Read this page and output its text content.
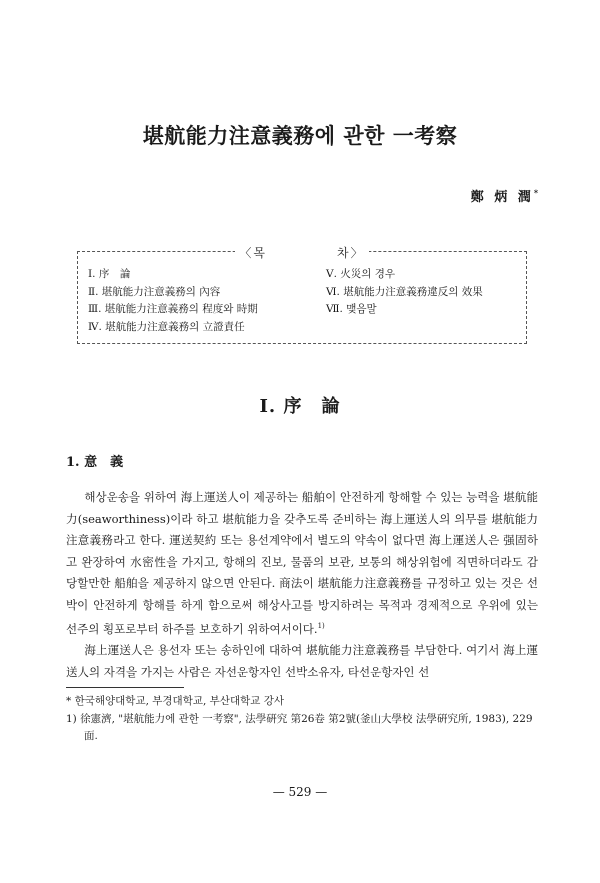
堪航能力注意義務에 관한 一考察
鄭 炳 潤*
〈목　　　　　차〉
Ⅰ. 序　論
Ⅱ. 堪航能力注意義務의 內容
Ⅲ. 堪航能力注意義務의 程度와 時期
Ⅳ. 堪航能力注意義務의 立證責任
Ⅴ. 火災의 경우
Ⅵ. 堪航能力注意義務違反의 效果
Ⅶ. 맺음말
Ⅰ. 序　論
1. 意　義

해상운송을 위하여 海上運送人이 제공하는 船舶이 안전하게 항해할 수 있는 능력을 堪航能力(seaworthiness)이라 하고 堪航能力을 갖추도록 준비하는 海上運送人의 의무를 堪航能力注意義務라고 한다. 運送契約 또는 용선계약에서 별도의 약속이 없다면 海上運送人은 强固하고 완장하여 水密性을 가지고, 항해의 진보, 물품의 보관, 보통의 해상위험에 직면하더라도 감당할만한 船舶을 제공하지 않으면 안된다. 商法이 堪航能力注意義務를 규정하고 있는 것은 선박이 안전하게 항해를 하게 함으로써 해상사고를 방지하려는 목적과 경제적으로 우위에 있는 선주의 횡포로부터 하주를 보호하기 위하여서이다.$^{1)}$

海上運送人은 용선자 또는 송하인에 대하여 堪航能力注意義務를 부담한다. 여기서 海上運送人의 자격을 가지는 사람은 자선운항자인 선박소유자, 타선운항자인 선

* 한국해양대학교, 부경대학교, 부산대학교 강사
1) 徐憲濟, "堪航能力에 관한 一考察", 法學硏究 第26卷 第2號(釜山大學校 法學硏究所, 1983), 229面.
— 529 —
